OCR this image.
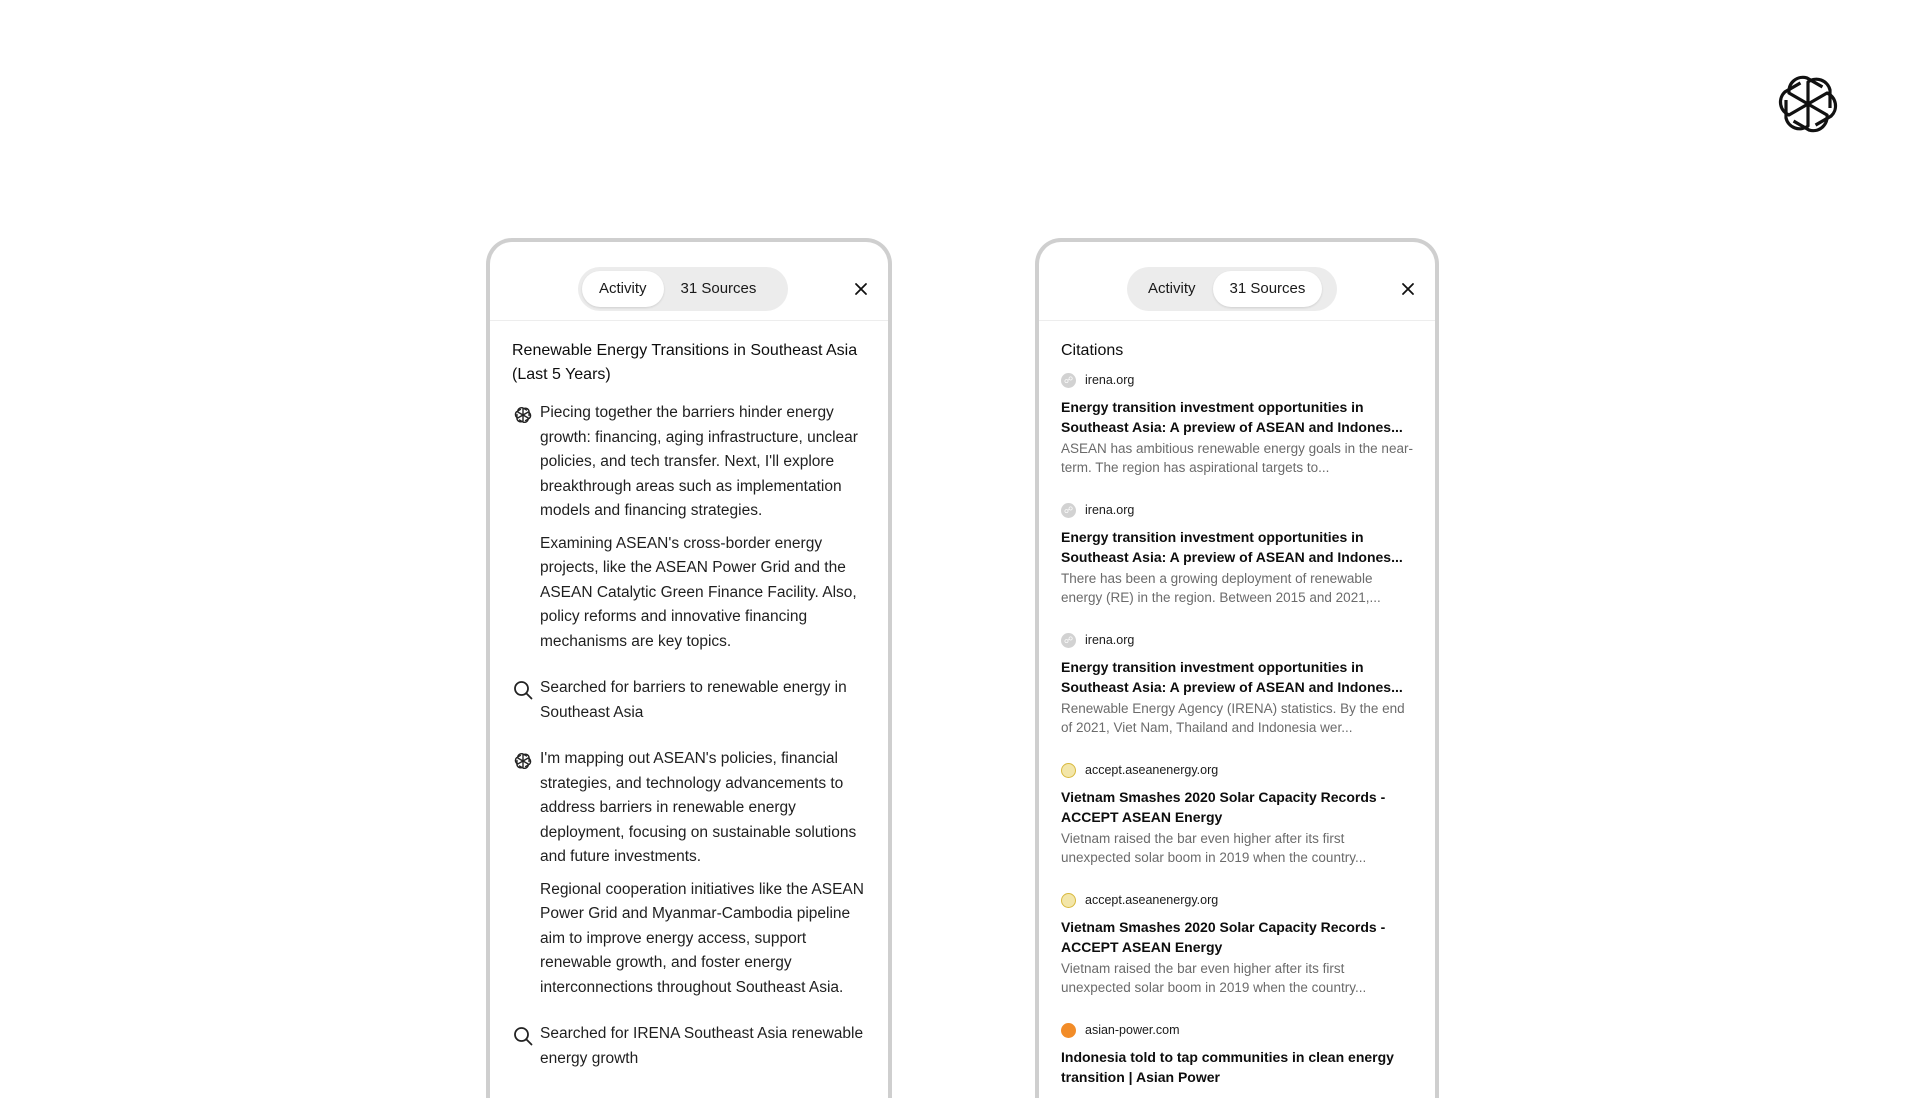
Activity	31 Sources
Renewable Energy Transitions in Southeast Asia (Last 5 Years)

Piecing together the barriers hinder energy growth: financing, aging infrastructure, unclear policies, and tech transfer. Next, I'll explore breakthrough areas such as implementation models and financing strategies.

Examining ASEAN's cross-border energy projects, like the ASEAN Power Grid and the ASEAN Catalytic Green Finance Facility. Also, policy reforms and innovative financing mechanisms are key topics.

Searched for barriers to renewable energy in Southeast Asia

I'm mapping out ASEAN's policies, financial strategies, and technology advancements to address barriers in renewable energy deployment, focusing on sustainable solutions and future investments.

Regional cooperation initiatives like the ASEAN Power Grid and Myanmar-Cambodia pipeline aim to improve energy access, support renewable growth, and foster energy interconnections throughout Southeast Asia.

Searched for IRENA Southeast Asia renewable energy growth

Activity	31 Sources
Citations
☍ irena.org
Energy transition investment opportunities in Southeast Asia: A preview of ASEAN and Indones...
ASEAN has ambitious renewable energy goals in the near-term. The region has aspirational targets to...
☍ irena.org
Energy transition investment opportunities in Southeast Asia: A preview of ASEAN and Indones...
There has been a growing deployment of renewable energy (RE) in the region. Between 2015 and 2021,...
☍ irena.org
Energy transition investment opportunities in Southeast Asia: A preview of ASEAN and Indones...
Renewable Energy Agency (IRENA) statistics. By the end of 2021, Viet Nam, Thailand and Indonesia wer...
accept.aseanenergy.org
Vietnam Smashes 2020 Solar Capacity Records - ACCEPT ASEAN Energy
Vietnam raised the bar even higher after its first unexpected solar boom in 2019 when the country...
accept.aseanenergy.org
Vietnam Smashes 2020 Solar Capacity Records - ACCEPT ASEAN Energy
Vietnam raised the bar even higher after its first unexpected solar boom in 2019 when the country...
asian-power.com
Indonesia told to tap communities in clean energy transition | Asian Power
